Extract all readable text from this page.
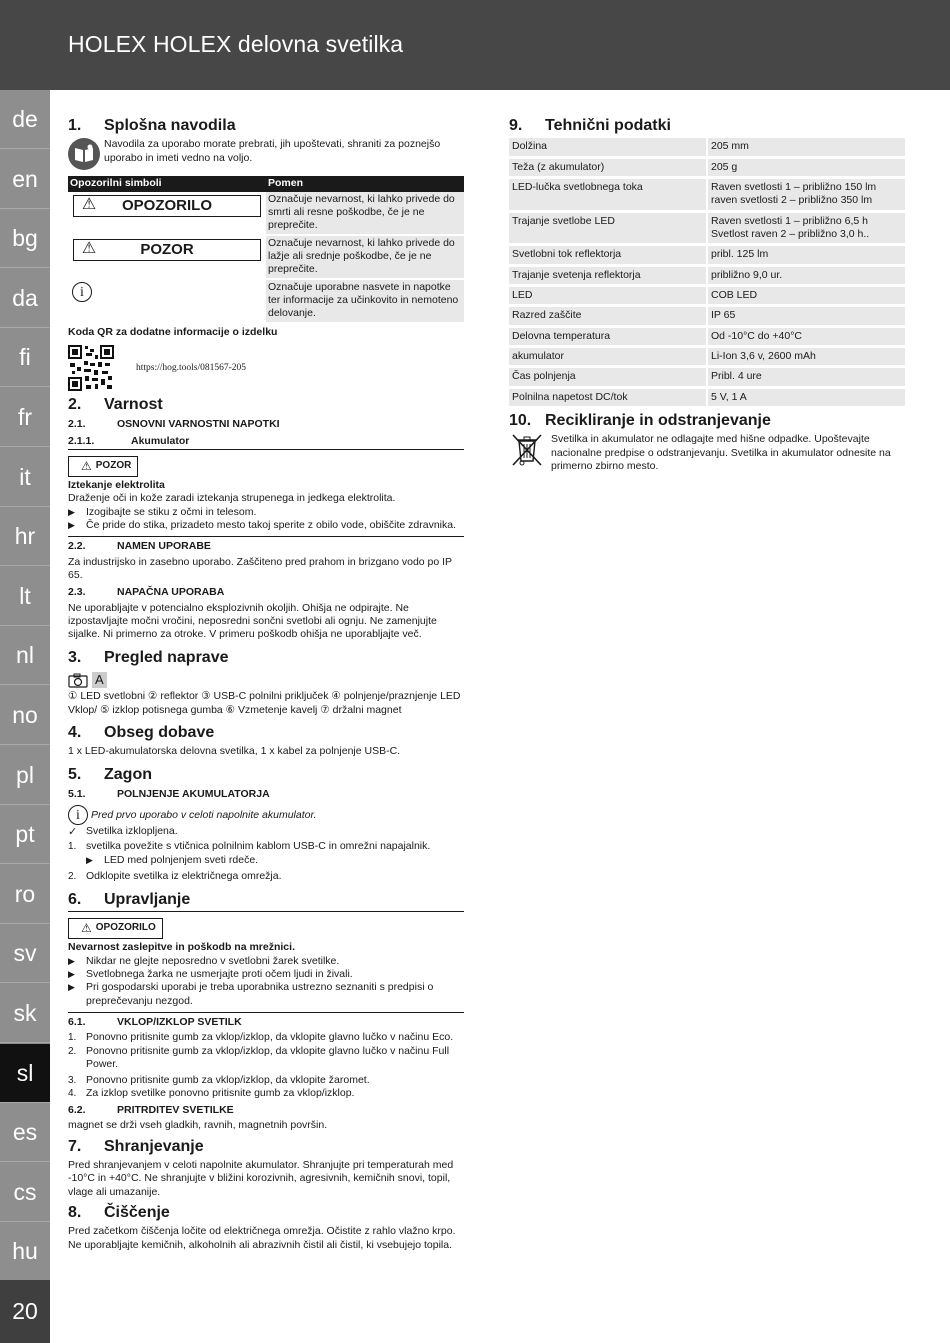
HOLEX HOLEX delovna svetilka
de
en
bg
da
fi
fr
it
hr
lt
nl
no
pl
pt
ro
sv
sk
sl
es
cs
hu
20
1.	Splošna navodila

Navodila za uporabo morate prebrati, jih upoštevati, shraniti za poznejšo uporabo in imeti vedno na voljo.

Opozorilni simboli	Pomen

⚠ OPOZORILO	Označuje nevarnost, ki lahko privede do smrti ali resne poškodbe, če je ne preprečite.

⚠ POZOR	Označuje nevarnost, ki lahko privede do lažje ali srednje poškodbe, če je ne preprečite.

i	Označuje uporabne nasvete in napotke ter informacije za učinkovito in nemoteno delovanje.

Koda QR za dodatne informacije o izdelku

https://hog.tools/081567-205
2.	Varnost
2.1.	OSNOVNI VARNOSTNI NAPOTKI
2.1.1.	Akumulator
⚠ POZOR

Iztekanje elektrolita

Draženje oči in kože zaradi iztekanja strupenega in jedkega elektrolita.

▶	Izogibajte se stiku z očmi in telesom.
▶	Če pride do stika, prizadeto mesto takoj sperite z obilo vode, obiščite zdravnika.
2.2.	NAMEN UPORABE

Za industrijsko in zasebno uporabo. Zaščiteno pred prahom in brizgano vodo po IP 65.

2.3.	NAPAČNA UPORABA

Ne uporabljajte v potencialno eksplozivnih okoljih. Ohišja ne odpirajte. Ne izpostavljajte močni vročini, neposredni sončni svetlobi ali ognju. Ne zamenjujte sijalke. Ni primerno za otroke. V primeru poškodb ohišja ne uporabljajte več.

3.	Pregled naprave
A

① LED svetlobni ② reflektor ③ USB-C polnilni priključek ④ polnjenje/praznjenje LED Vklop/ ⑤ izklop potisnega gumba ⑥ Vzmetenje kavelj ⑦ držalni magnet

4.	Obseg dobave

1 x LED-akumulatorska delovna svetilka, 1 x kabel za polnjenje USB-C.

5.	Zagon
5.1.	POLNJENJE AKUMULATORJA
i	Pred prvo uporabo v celoti napolnite akumulator.
✓ Svetilka izklopljena.
1. svetilka povežite s vtičnica polnilnim kablom USB-C in omrežni napajalnik.
▶	LED med polnjenjem sveti rdeče.
2. Odklopite svetilka iz električnega omrežja.
6.	Upravljanje
⚠ OPOZORILO

Nevarnost zaslepitve in poškodb na mrežnici.

▶	Nikdar ne glejte neposredno v svetlobni žarek svetilke.
▶	Svetlobnega žarka ne usmerjajte proti očem ljudi in živali.
▶	Pri gospodarski uporabi je treba uporabnika ustrezno seznaniti s predpisi o preprečevanju nezgod.
6.1.	VKLOP/IZKLOP SVETILK
1. Ponovno pritisnite gumb za vklop/izklop, da vklopite glavno lučko v načinu Eco.
2. Ponovno pritisnite gumb za vklop/izklop, da vklopite glavno lučko v načinu Full Power.
3. Ponovno pritisnite gumb za vklop/izklop, da vklopite žaromet.
4. Za izklop svetilke ponovno pritisnite gumb za vklop/izklop.
6.2.	PRITRDITEV SVETILKE

magnet se drži vseh gladkih, ravnih, magnetnih površin.

7.	Shranjevanje

Pred shranjevanjem v celoti napolnite akumulator. Shranjujte pri temperaturah med -10°C in +40°C. Ne shranjujte v bližini korozivnih, agresivnih, kemičnih snovi, topil, vlage ali umazanije.

8.	Čiščenje

Pred začetkom čiščenja ločite od električnega omrežja. Očistite z rahlo vlažno krpo. Ne uporabljajte kemičnih, alkoholnih ali abrazivnih čistil ali čistil, ki vsebujejo topila.

9.	Tehnični podatki
Dolžina	205 mm
Teža (z akumulator)	205 g
LED-lučka svetlobnega toka	Raven svetlosti 1 – približno 150 lm
raven svetlosti 2 – približno 350 lm
Trajanje svetlobe LED	Raven svetlosti 1 – približno 6,5 h
Svetlost raven 2 – približno 3,0 h..
Svetlobni tok reflektorja	pribl. 125 lm
Trajanje svetenja reflektorja	približno 9,0 ur.
LED	COB LED
Razred zaščite	IP 65
Delovna temperatura	Od -10°C do +40°C
akumulator	Li-Ion 3,6 v, 2600 mAh
Čas polnjenja	Pribl. 4 ure
Polnilna napetost DC/tok	5 V, 1 A
10. Recikliranje in odstranjevanje

Svetilka in akumulator ne odlagajte med hišne odpadke. Upoštevajte nacionalne predpise o odstranjevanju. Svetilka in akumulator odnesite na primerno zbirno mesto.
